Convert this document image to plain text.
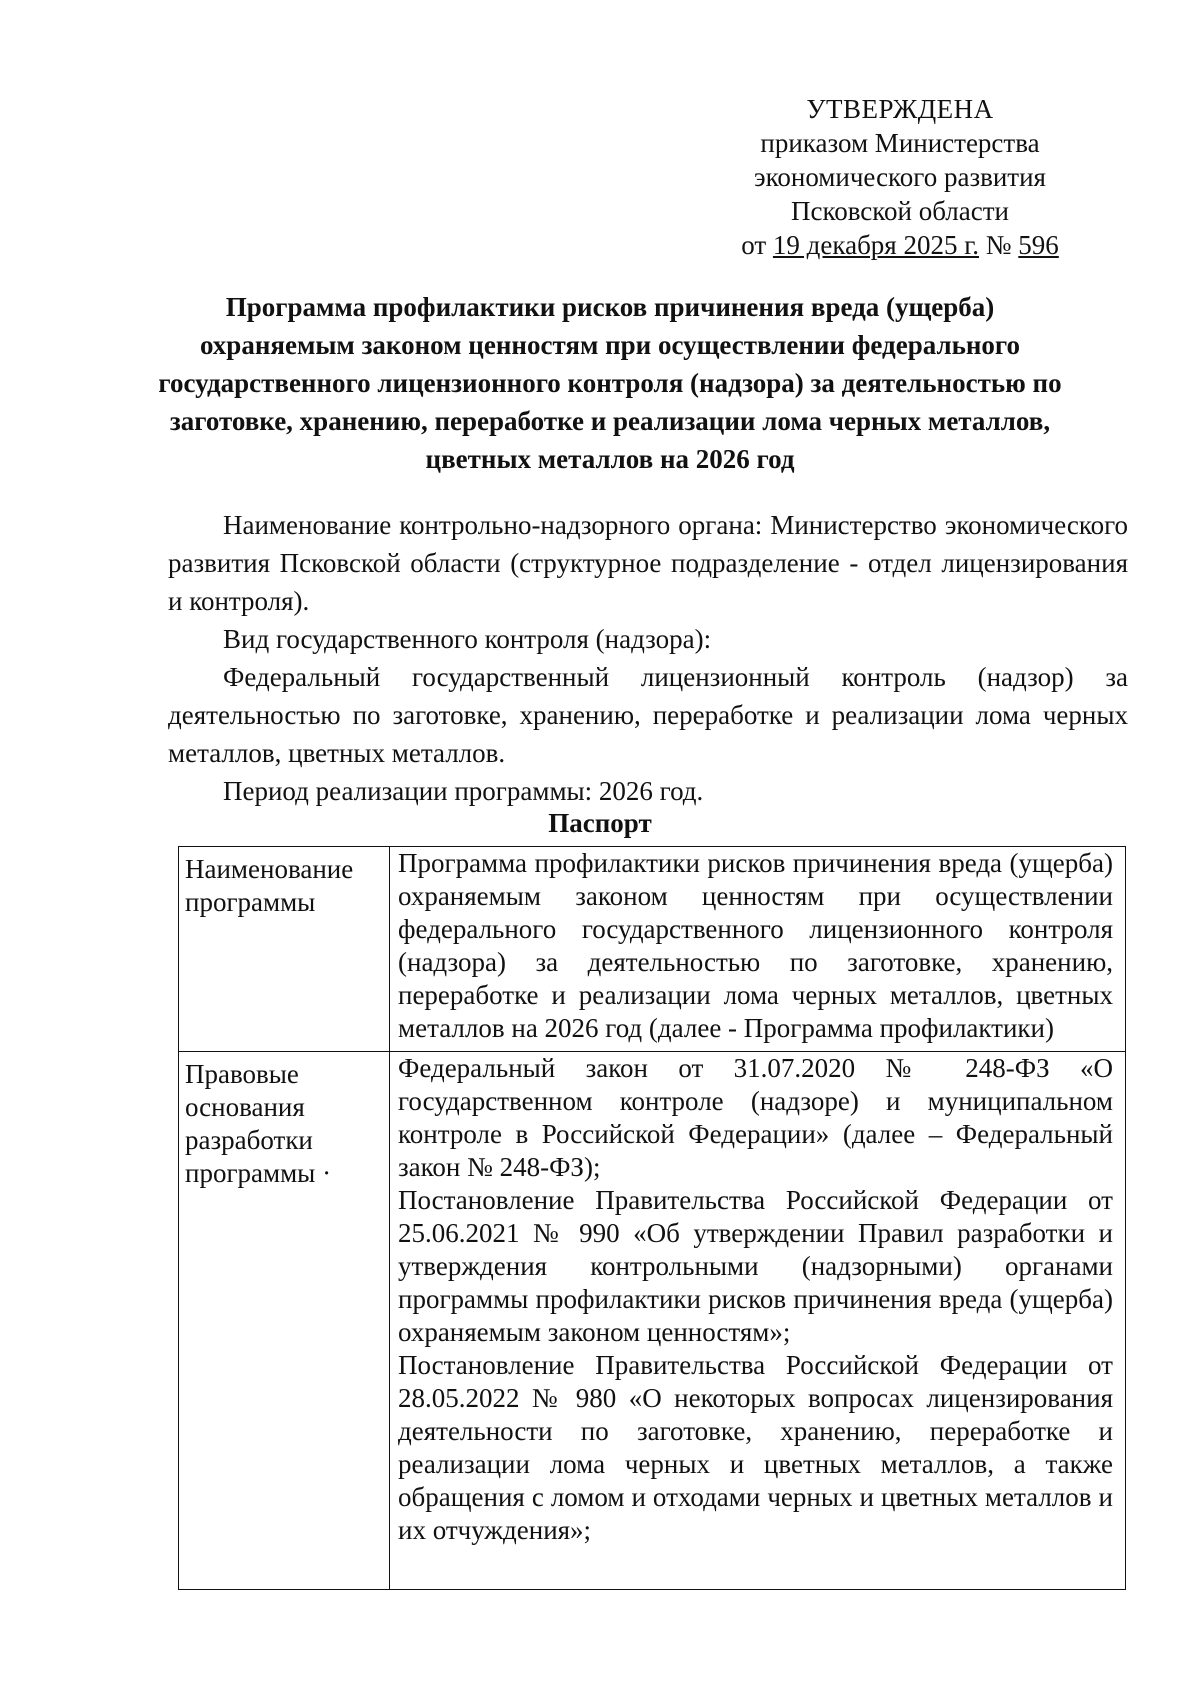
УТВЕРЖДЕНА
приказом Министерства
экономического развития
Псковской области
от 19 декабря 2025 г. № 596
Программа профилактики рисков причинения вреда (ущерба) охраняемым законом ценностям при осуществлении федерального государственного лицензионного контроля (надзора) за деятельностью по заготовке, хранению, переработке и реализации лома черных металлов, цветных металлов на 2026 год

Наименование контрольно-надзорного органа: Министерство экономического развития Псковской области (структурное подразделение - отдел лицензирования и контроля).

Вид государственного контроля (надзора):

Федеральный государственный лицензионный контроль (надзор) за деятельностью по заготовке, хранению, переработке и реализации лома черных металлов, цветных металлов.

Период реализации программы: 2026 год.

Паспорт
Наименование программы	Программа профилактики рисков причинения вреда (ущерба) охраняемым законом ценностям при осуществлении федерального государственного лицензионного контроля (надзора) за деятельностью по заготовке, хранению, переработке и реализации лома черных металлов, цветных металлов на 2026 год (далее - Программа профилактики)

Правовые основания разработки программы ·	Федеральный закон от 31.07.2020 № 248-ФЗ «О государственном контроле (надзоре) и муниципальном контроле в Российской Федерации» (далее – Федеральный закон № 248-ФЗ);
Постановление Правительства Российской Федерации от 25.06.2021 № 990 «Об утверждении Правил разработки и утверждения контрольными (надзорными) органами программы профилактики рисков причинения вреда (ущерба) охраняемым законом ценностям»;
Постановление Правительства Российской Федерации от 28.05.2022 № 980 «О некоторых вопросах лицензирования деятельности по заготовке, хранению, переработке и реализации лома черных и цветных металлов, а также обращения с ломом и отходами черных и цветных металлов и их отчуждения»;
